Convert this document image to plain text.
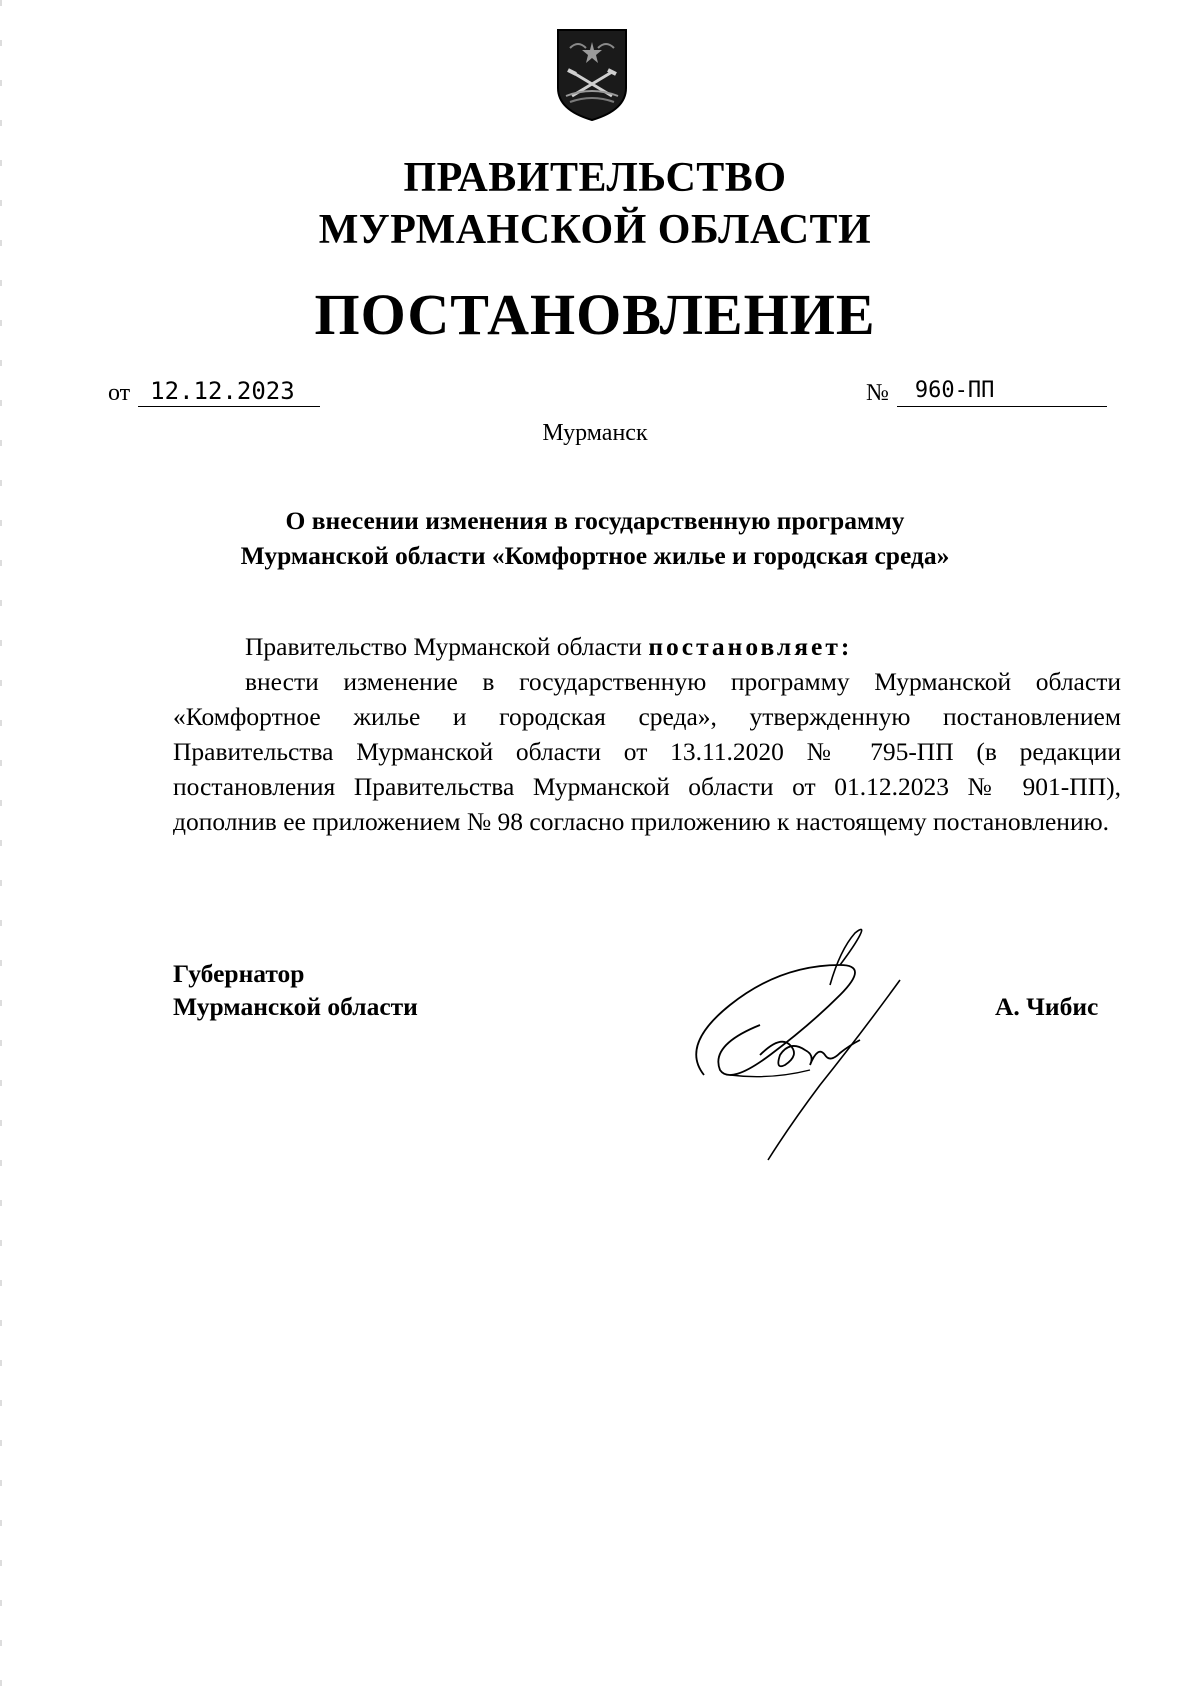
ПРАВИТЕЛЬСТВО
МУРМАНСКОЙ ОБЛАСТИ
ПОСТАНОВЛЕНИЕ
от 12.12.2023	№	960-ПП
Мурманск
О внесении изменения в государственную программу
Мурманской области «Комфортное жилье и городская среда»

Правительство Мурманской области постановляет:

внести изменение в государственную программу Мурманской области «Комфортное жилье и городская среда», утвержденную постановлением Правительства Мурманской области от 13.11.2020 № 795-ПП (в редакции постановления Правительства Мурманской области от 01.12.2023 № 901-ПП), дополнив ее приложением № 98 согласно приложению к настоящему постановлению.

Губернатор
Мурманской области	А. Чибис
